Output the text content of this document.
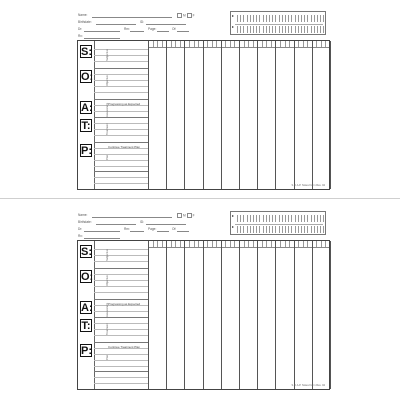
Name:	M F
Birthdate:	ID:
Dr:	Rm:	Page:	Of:
Rx:
▸
▸
S:	Subjective
O:	Objective
A:	Progressing as Expected
Assessment
T:	Treatment
P:	Continue Treatment Plan
Plan
S.O.A.P. Notes Form Rev. 04
Name:	M F
Birthdate:	ID:
Dr:	Rm:	Page:	Of:
Rx:
▸
▸
S:	Subjective
O:	Objective
A:	Progressing as Expected
Assessment
T:	Treatment
P:	Continue Treatment Plan
Plan
S.O.A.P. Notes Form Rev. 04
